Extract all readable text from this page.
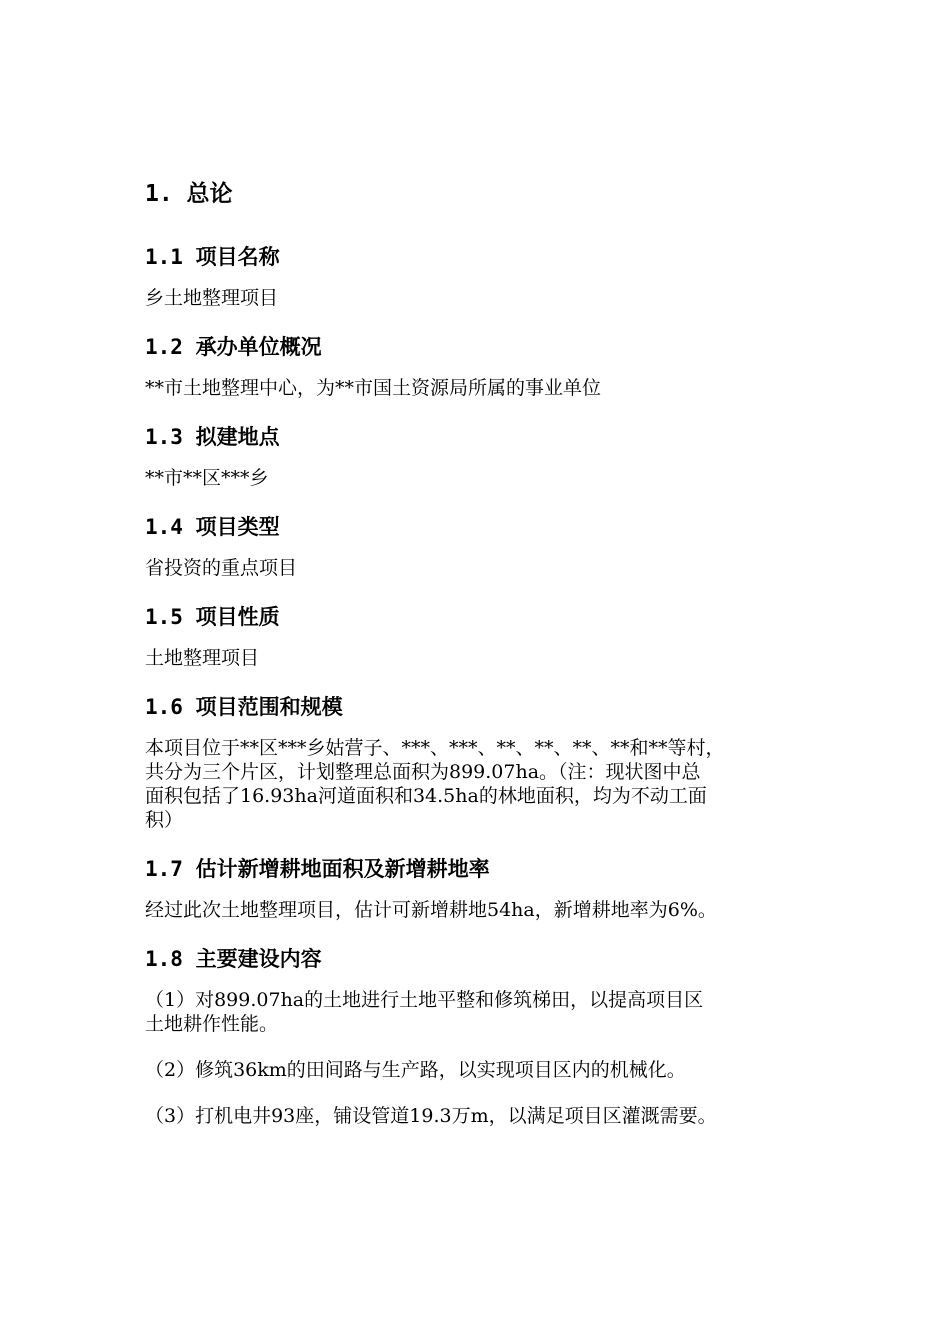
1. 总论
1.1 项目名称

乡土地整理项目

1.2 承办单位概况

**市土地整理中心，为**市国土资源局所属的事业单位

1.3 拟建地点

**市**区***乡

1.4 项目类型

省投资的重点项目

1.5 项目性质

土地整理项目

1.6 项目范围和规模

本项目位于**区***乡姑营子、***、***、**、**、**、**和**等村，
共分为三个片区，计划整理总面积为899.07ha。（注：现状图中总
面积包括了16.93ha河道面积和34.5ha的林地面积，均为不动工面
积）

1.7 估计新增耕地面积及新增耕地率

经过此次土地整理项目，估计可新增耕地54ha，新增耕地率为6%。

1.8 主要建设内容

（1）对899.07ha的土地进行土地平整和修筑梯田，以提高项目区
土地耕作性能。

（2）修筑36km的田间路与生产路，以实现项目区内的机械化。

（3）打机电井93座，铺设管道19.3万m，以满足项目区灌溉需要。
